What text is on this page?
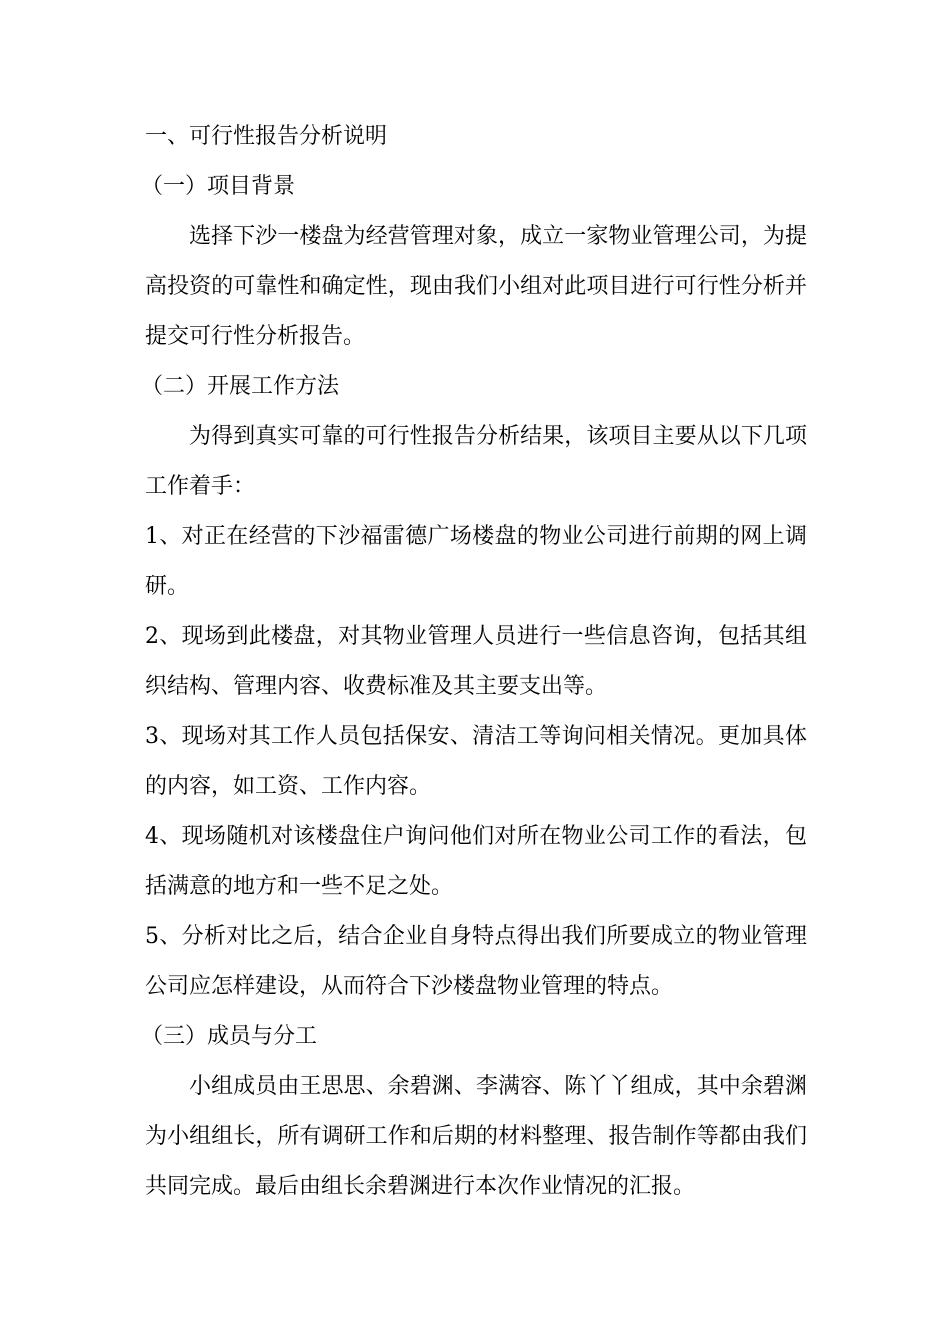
一、可行性报告分析说明
（一）项目背景
选择下沙一楼盘为经营管理对象，成立一家物业管理公司，为提
高投资的可靠性和确定性，现由我们小组对此项目进行可行性分析并
提交可行性分析报告。
（二）开展工作方法
为得到真实可靠的可行性报告分析结果，该项目主要从以下几项
工作着手：
1、对正在经营的下沙福雷德广场楼盘的物业公司进行前期的网上调
研。
2、现场到此楼盘，对其物业管理人员进行一些信息咨询，包括其组
织结构、管理内容、收费标准及其主要支出等。
3、现场对其工作人员包括保安、清洁工等询问相关情况。更加具体
的内容，如工资、工作内容。
4、现场随机对该楼盘住户询问他们对所在物业公司工作的看法，包
括满意的地方和一些不足之处。
5、分析对比之后，结合企业自身特点得出我们所要成立的物业管理
公司应怎样建设，从而符合下沙楼盘物业管理的特点。
（三）成员与分工
小组成员由王思思、余碧渊、李满容、陈丫丫组成，其中余碧渊
为小组组长，所有调研工作和后期的材料整理、报告制作等都由我们
共同完成。最后由组长余碧渊进行本次作业情况的汇报。
